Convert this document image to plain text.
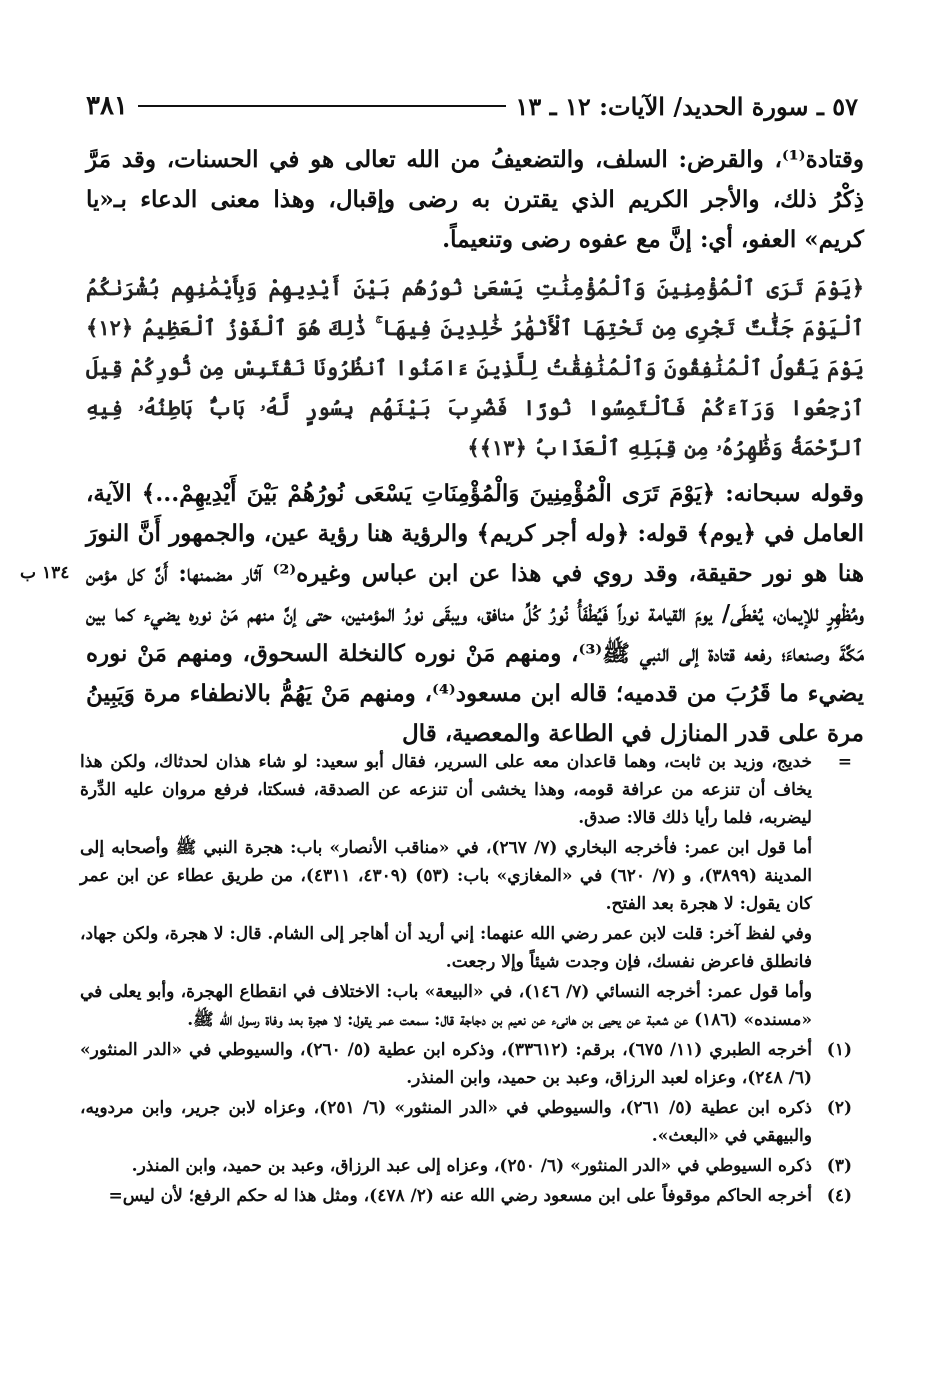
٥٧ ـ سورة الحديد/ الآيات: ١٢ ـ ١٣
٣٨١

وقتادة⁽¹⁾، والقرض: السلف، والتضعيفُ من الله تعالى هو في الحسنات، وقد مَرَّ ذِكْرُ ذلك، والأجر الكريم الذي يقترن به رضى وإقبال، وهذا معنى الدعاء بـ«يا كريم» العفو، أي: إنَّ مع عفوه رضى وتنعيماً.

﴿يَوْمَ تَرَى ٱلْمُؤْمِنِينَ وَٱلْمُؤْمِنَٰتِ يَسْعَىٰ نُورُهُم بَيْنَ أَيْدِيهِمْ وَبِأَيْمَٰنِهِم بُشْرَىٰكُمُ ٱلْيَوْمَ جَنَّٰتٌ تَجْرِى مِن تَحْتِهَا ٱلْأَنْهَٰرُ خَٰلِدِينَ فِيهَا ۚ ذَٰلِكَ هُوَ ٱلْفَوْزُ ٱلْعَظِيمُ ﴿١٢﴾ يَوْمَ يَقُولُ ٱلْمُنَٰفِقُونَ وَٱلْمُنَٰفِقَٰتُ لِلَّذِينَ ءَامَنُوا ٱنظُرُونَا نَقْتَبِسْ مِن نُّورِكُمْ قِيلَ ٱرْجِعُوا وَرَآءَكُمْ فَٱلْتَمِسُوا نُورًا فَضُرِبَ بَيْنَهُم بِسُورٍ لَّهُۥ بَابٌۢ بَاطِنُهُۥ فِيهِ ٱلرَّحْمَةُ وَظَٰهِرُهُۥ مِن قِبَلِهِ ٱلْعَذَابُ ﴿١٣﴾﴾

وقوله سبحانه: ﴿يَوْمَ تَرَى الْمُؤْمِنِينَ وَالْمُؤْمِنَاتِ يَسْعَى نُورُهُمْ بَيْنَ أَيْدِيهِمْ...﴾ الآية، العامل في ﴿يوم﴾ قوله: ﴿وله أجر كريم﴾ والرؤية هنا رؤية عين، والجمهور أَنَّ النورَ هنا هو نور حقيقة، وقد روي في هذا عن ابن عباس وغيره⁽²⁾ آثار مضمنها: أَنَّ كل مؤمن ومُظْهِرٍ للإيمان، يُعْطَى/ يومَ القيامة نوراً فَيُطْفَأُ نُورُ كُلِّ منافق، ويبقَى نورُ المؤمنين، حتى إنَّ منهم مَنْ نوره يضيء كما بين مَكَّةَ وصنعاءَ؛ رفعه قتادة إلى النبي ﷺ⁽³⁾، ومنهم مَنْ نوره كالنخلة السحوق، ومنهم مَنْ نوره يضيء ما قَرُبَ من قدميه؛ قاله ابن مسعود⁽⁴⁾، ومنهم مَنْ يَهُمُّ بالانطفاء مرة وَيَبِينُ مرة على قدر المنازل في الطاعة والمعصية، قال

١٣٤ ب
=
خديج، وزيد بن ثابت، وهما قاعدان معه على السرير، فقال أبو سعيد: لو شاء هذان لحدثاك، ولكن هذا يخاف أن تنزعه من عرافة قومه، وهذا يخشى أن تنزعه عن الصدقة، فسكتا، فرفع مروان عليه الدِّرة ليضربه، فلما رأيا ذلك قالا: صدق.
أما قول ابن عمر: فأخرجه البخاري (٧/ ٢٦٧)، في «مناقب الأنصار» باب: هجرة النبي ﷺ وأصحابه إلى المدينة (٣٨٩٩)، و (٧/ ٦٢٠) في «المغازي» باب: (٥٣) (٤٣٠٩، ٤٣١١)، من طريق عطاء عن ابن عمر كان يقول: لا هجرة بعد الفتح.
وفي لفظ آخر: قلت لابن عمر رضي الله عنهما: إني أريد أن أهاجر إلى الشام. قال: لا هجرة، ولكن جهاد، فانطلق فاعرض نفسك، فإن وجدت شيئاً وإلا رجعت.
وأما قول عمر: أخرجه النسائي (٧/ ١٤٦)، في «البيعة» باب: الاختلاف في انقطاع الهجرة، وأبو يعلى في «مسنده» (١٨٦) عن شعبة عن يحيى بن هانىء عن نعيم بن دجاجة قال: سمعت عمر يقول: لا هجرة بعد وفاة رسول الله ﷺ.
(١)
أخرجه الطبري (١١/ ٦٧٥)، برقم: (٣٣٦١٢)، وذكره ابن عطية (٥/ ٢٦٠)، والسيوطي في «الدر المنثور» (٦/ ٢٤٨)، وعزاه لعبد الرزاق، وعبد بن حميد، وابن المنذر.
(٢)
ذكره ابن عطية (٥/ ٢٦١)، والسيوطي في «الدر المنثور» (٦/ ٢٥١)، وعزاه لابن جرير، وابن مردويه، والبيهقي في «البعث».
(٣)
ذكره السيوطي في «الدر المنثور» (٦/ ٢٥٠)، وعزاه إلى عبد الرزاق، وعبد بن حميد، وابن المنذر.
(٤)
أخرجه الحاكم موقوفاً على ابن مسعود رضي الله عنه (٢/ ٤٧٨)، ومثل هذا له حكم الرفع؛ لأن ليس=
